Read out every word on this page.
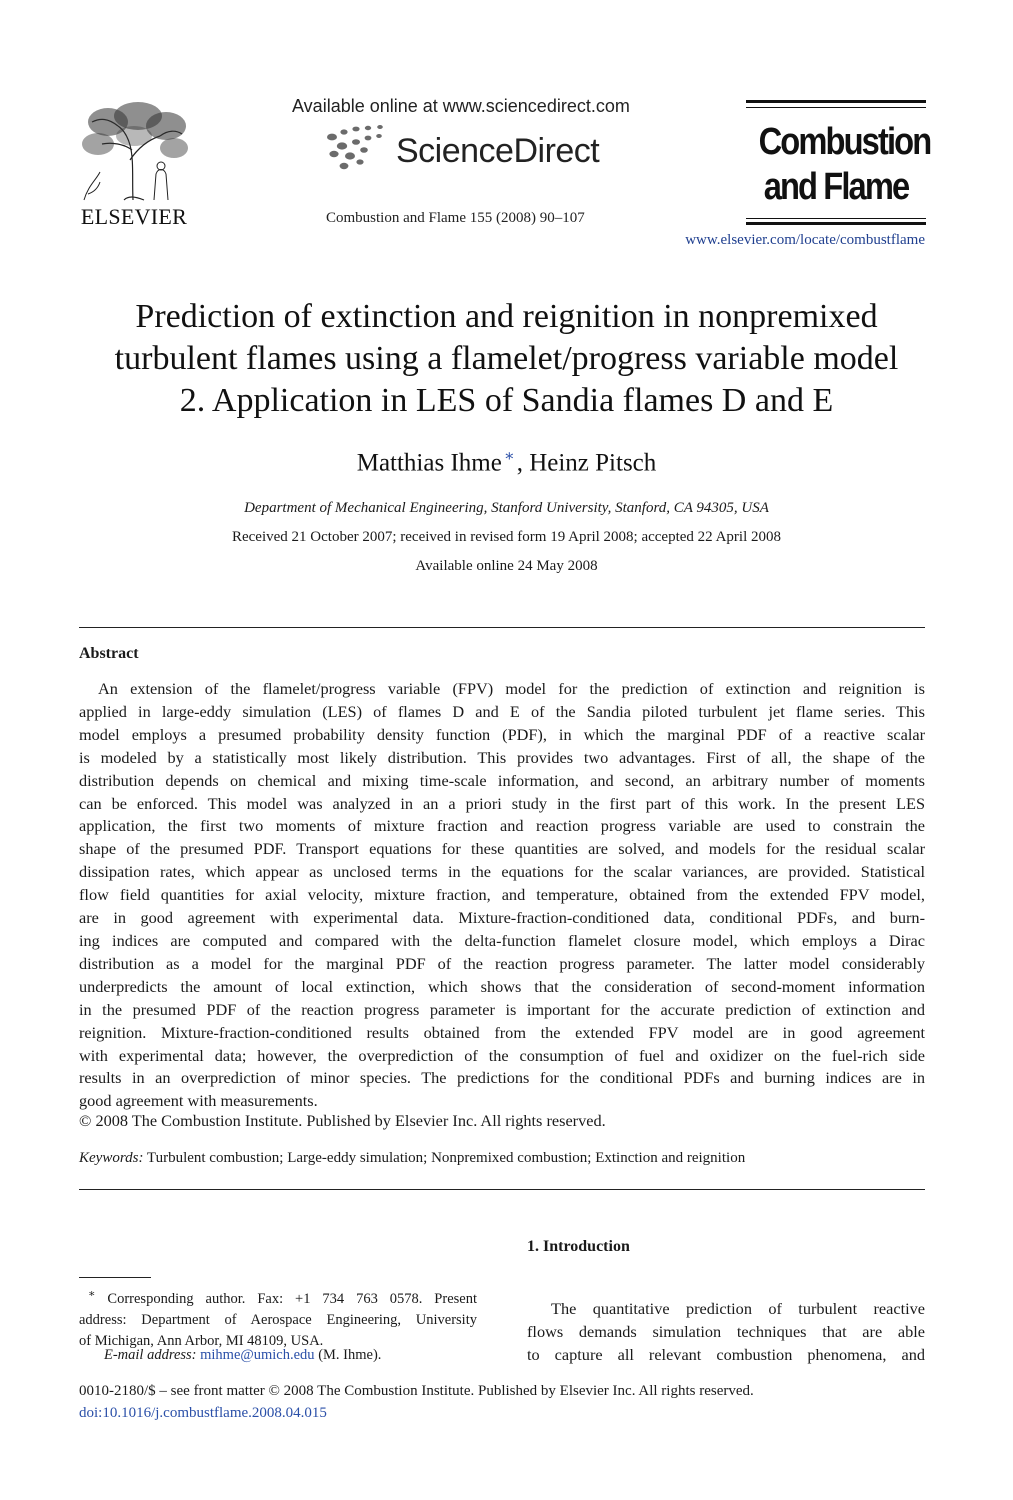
ELSEVIER
Available online at www.sciencedirect.com
ScienceDirect
Combustion and Flame 155 (2008) 90–107
Combustion
and Flame
www.elsevier.com/locate/combustflame
Prediction of extinction and reignition in nonpremixed
turbulent flames using a flamelet/progress variable model
2. Application in LES of Sandia flames D and E
Matthias Ihme ∗, Heinz Pitsch
Department of Mechanical Engineering, Stanford University, Stanford, CA 94305, USA
Received 21 October 2007; received in revised form 19 April 2008; accepted 22 April 2008
Available online 24 May 2008
Abstract
An extension of the flamelet/progress variable (FPV) model for the prediction of extinction and reignition is
applied in large-eddy simulation (LES) of flames D and E of the Sandia piloted turbulent jet flame series. This
model employs a presumed probability density function (PDF), in which the marginal PDF of a reactive scalar
is modeled by a statistically most likely distribution. This provides two advantages. First of all, the shape of the
distribution depends on chemical and mixing time-scale information, and second, an arbitrary number of moments
can be enforced. This model was analyzed in an a priori study in the first part of this work. In the present LES
application, the first two moments of mixture fraction and reaction progress variable are used to constrain the
shape of the presumed PDF. Transport equations for these quantities are solved, and models for the residual scalar
dissipation rates, which appear as unclosed terms in the equations for the scalar variances, are provided. Statistical
flow field quantities for axial velocity, mixture fraction, and temperature, obtained from the extended FPV model,
are in good agreement with experimental data. Mixture-fraction-conditioned data, conditional PDFs, and burn-
ing indices are computed and compared with the delta-function flamelet closure model, which employs a Dirac
distribution as a model for the marginal PDF of the reaction progress parameter. The latter model considerably
underpredicts the amount of local extinction, which shows that the consideration of second-moment information
in the presumed PDF of the reaction progress parameter is important for the accurate prediction of extinction and
reignition. Mixture-fraction-conditioned results obtained from the extended FPV model are in good agreement
with experimental data; however, the overprediction of the consumption of fuel and oxidizer on the fuel-rich side
results in an overprediction of minor species. The predictions for the conditional PDFs and burning indices are in
good agreement with measurements.
© 2008 The Combustion Institute. Published by Elsevier Inc. All rights reserved.
Keywords: Turbulent combustion; Large-eddy simulation; Nonpremixed combustion; Extinction and reignition
1. Introduction
The quantitative prediction of turbulent reactive
flows demands simulation techniques that are able
to capture all relevant combustion phenomena, and
∗ Corresponding author. Fax: +1 734 763 0578. Present
address: Department of Aerospace Engineering, University
of Michigan, Ann Arbor, MI 48109, USA.
E-mail address: mihme@umich.edu (M. Ihme).
0010-2180/$ – see front matter © 2008 The Combustion Institute. Published by Elsevier Inc. All rights reserved.
doi:10.1016/j.combustflame.2008.04.015
